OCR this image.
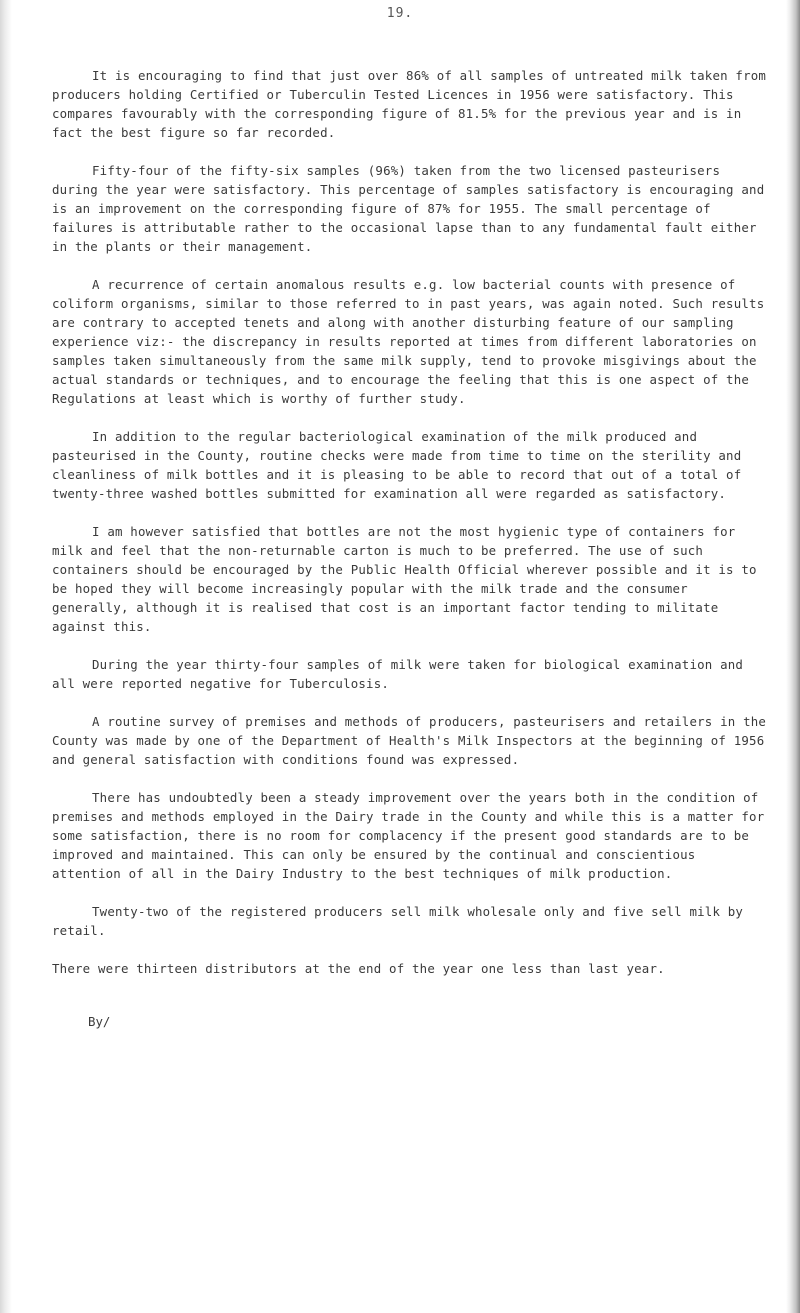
19.

It is encouraging to find that just over 86% of all samples of untreated milk taken from producers holding Certified or Tuberculin Tested Licences in 1956 were satisfactory. This compares favourably with the corresponding figure of 81.5% for the previous year and is in fact the best figure so far recorded.

Fifty-four of the fifty-six samples (96%) taken from the two licensed pasteurisers during the year were satisfactory. This percentage of samples satisfactory is encouraging and is an improvement on the corresponding figure of 87% for 1955. The small percentage of failures is attributable rather to the occasional lapse than to any fundamental fault either in the plants or their management.

A recurrence of certain anomalous results e.g. low bacterial counts with presence of coliform organisms, similar to those referred to in past years, was again noted. Such results are contrary to accepted tenets and along with another disturbing feature of our sampling experience viz:- the discrepancy in results reported at times from different laboratories on samples taken simultaneously from the same milk supply, tend to provoke misgivings about the actual standards or techniques, and to encourage the feeling that this is one aspect of the Regulations at least which is worthy of further study.

In addition to the regular bacteriological examination of the milk produced and pasteurised in the County, routine checks were made from time to time on the sterility and cleanliness of milk bottles and it is pleasing to be able to record that out of a total of twenty-three washed bottles submitted for examination all were regarded as satisfactory.

I am however satisfied that bottles are not the most hygienic type of containers for milk and feel that the non-returnable carton is much to be preferred. The use of such containers should be encouraged by the Public Health Official wherever possible and it is to be hoped they will become increasingly popular with the milk trade and the consumer generally, although it is realised that cost is an important factor tending to militate against this.

During the year thirty-four samples of milk were taken for biological examination and all were reported negative for Tuberculosis.

A routine survey of premises and methods of producers, pasteurisers and retailers in the County was made by one of the Department of Health's Milk Inspectors at the beginning of 1956 and general satisfaction with conditions found was expressed.

There has undoubtedly been a steady improvement over the years both in the condition of premises and methods employed in the Dairy trade in the County and while this is a matter for some satisfaction, there is no room for complacency if the present good standards are to be improved and maintained. This can only be ensured by the continual and conscientious attention of all in the Dairy Industry to the best techniques of milk production.

Twenty-two of the registered producers sell milk wholesale only and five sell milk by retail.

There were thirteen distributors at the end of the year one less than last year.

By/
